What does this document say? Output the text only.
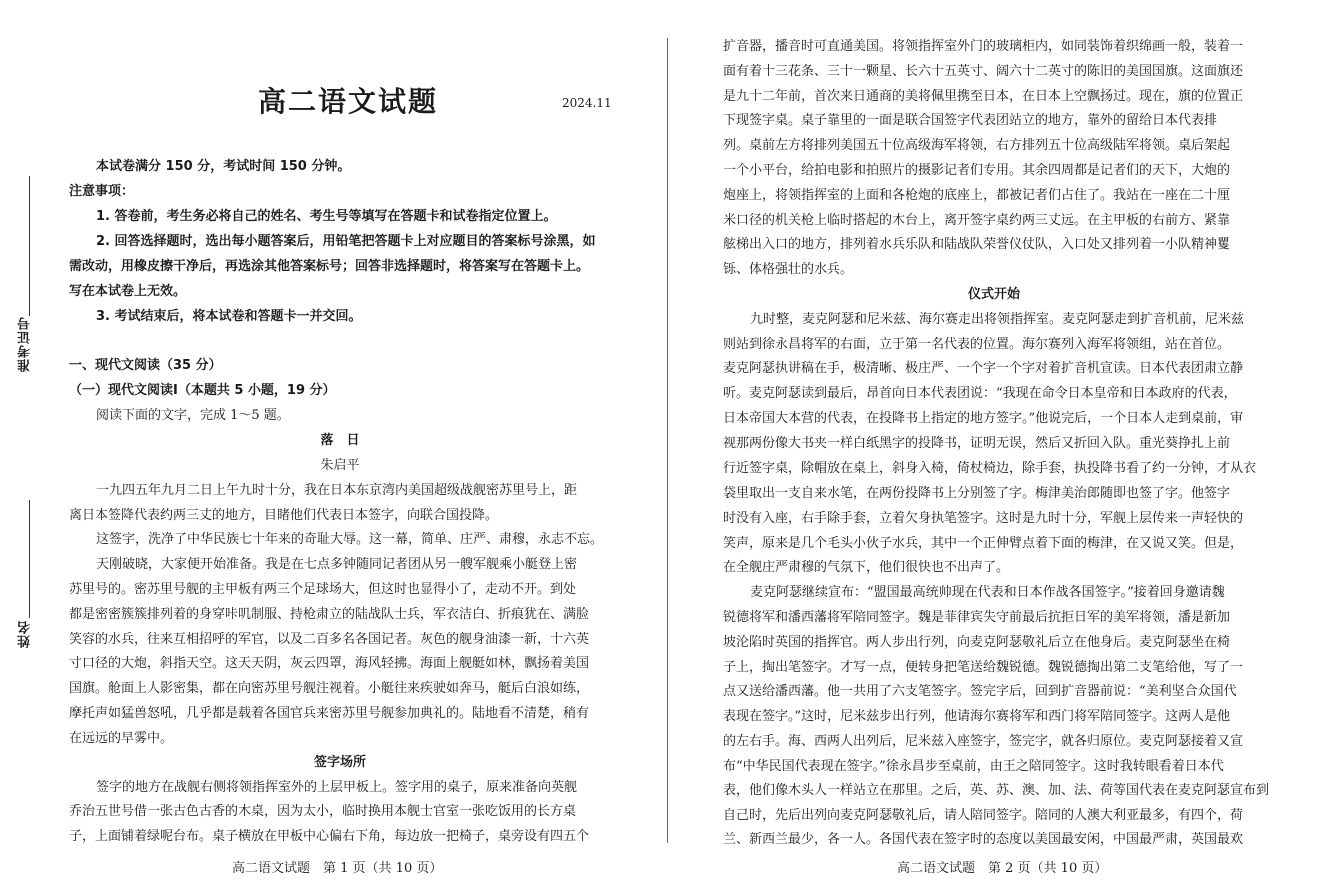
准考证号
姓名
高二语文试题	2024.11
本试卷满分 150 分，考试时间 150 分钟。
注意事项：
1. 答卷前，考生务必将自己的姓名、考生号等填写在答题卡和试卷指定位置上。
2. 回答选择题时，选出每小题答案后，用铅笔把答题卡上对应题目的答案标号涂黑，如
需改动，用橡皮擦干净后，再选涂其他答案标号；回答非选择题时，将答案写在答题卡上。
写在本试卷上无效。
3. 考试结束后，将本试卷和答题卡一并交回。
一、现代文阅读（35 分）
（一）现代文阅读Ⅰ（本题共 5 小题，19 分）
阅读下面的文字，完成 1～5 题。
落　日
朱启平
一九四五年九月二日上午九时十分，我在日本东京湾内美国超级战舰密苏里号上，距
离日本签降代表约两三丈的地方，目睹他们代表日本签字，向联合国投降。
这签字，洗净了中华民族七十年来的奇耻大辱。这一幕，简单、庄严、肃穆，永志不忘。
天刚破晓，大家便开始准备。我是在七点多钟随同记者团从另一艘军舰乘小艇登上密
苏里号的。密苏里号舰的主甲板有两三个足球场大，但这时也显得小了，走动不开。到处
都是密密簇簇排列着的身穿咔叽制服、持枪肃立的陆战队士兵，军衣洁白、折痕犹在、满脸
笑容的水兵，往来互相招呼的军官，以及二百多名各国记者。灰色的舰身油漆一新，十六英
寸口径的大炮，斜指天空。这天天阴，灰云四罩，海风轻拂。海面上舰艇如林，飘扬着美国
国旗。舱面上人影密集，都在向密苏里号舰注视着。小艇往来疾驶如奔马，艇后白浪如练，
摩托声如猛兽怒吼，几乎都是载着各国官兵来密苏里号舰参加典礼的。陆地看不清楚，稍有
在远远的早雾中。
签字场所
签字的地方在战舰右侧将领指挥室外的上层甲板上。签字用的桌子，原来准备向英舰
乔治五世号借一张古色古香的木桌，因为太小，临时换用本舰士官室一张吃饭用的长方桌
子，上面铺着绿呢台布。桌子横放在甲板中心偏右下角，每边放一把椅子，桌旁设有四五个
高二语文试题　第 1 页（共 10 页）
扩音器，播音时可直通美国。将领指挥室外门的玻璃柜内，如同装饰着织绵画一般，装着一
面有着十三花条、三十一颗星、长六十五英寸、阔六十二英寸的陈旧的美国国旗。这面旗还
是九十二年前，首次来日通商的美将佩里携至日本，在日本上空飘扬过。现在，旗的位置正
下现签字桌。桌子靠里的一面是联合国签字代表团站立的地方，靠外的留给日本代表排
列。桌前左方将排列美国五十位高级海军将领，右方排列五十位高级陆军将领。桌后架起
一个小平台，给拍电影和拍照片的摄影记者们专用。其余四周都是记者们的天下，大炮的
炮座上，将领指挥室的上面和各枪炮的底座上，都被记者们占住了。我站在一座在二十厘
米口径的机关枪上临时搭起的木台上，离开签字桌约两三丈远。在主甲板的右前方、紧靠
舷梯出入口的地方，排列着水兵乐队和陆战队荣誉仪仗队，入口处又排列着一小队精神矍
铄、体格强壮的水兵。
仪式开始
九时整，麦克阿瑟和尼米兹、海尔赛走出将领指挥室。麦克阿瑟走到扩音机前，尼米兹
则站到徐永昌将军的右面，立于第一名代表的位置。海尔赛列入海军将领组，站在首位。
麦克阿瑟执讲稿在手，极清晰、极庄严、一个字一个字对着扩音机宣读。日本代表团肃立静
听。麦克阿瑟读到最后，昂首向日本代表团说：“我现在命令日本皇帝和日本政府的代表，
日本帝国大本营的代表，在投降书上指定的地方签字。”他说完后，一个日本人走到桌前，审
视那两份像大书夹一样白纸黑字的投降书，证明无误，然后又折回入队。重光葵挣扎上前
行近签字桌，除帽放在桌上，斜身入椅，倚杖椅边，除手套，执投降书看了约一分钟，才从衣
袋里取出一支自来水笔，在两份投降书上分别签了字。梅津美治郎随即也签了字。他签字
时没有入座，右手除手套，立着欠身执笔签字。这时是九时十分，军舰上层传来一声轻快的
笑声，原来是几个毛头小伙子水兵，其中一个正伸臂点着下面的梅津，在又说又笑。但是，
在全舰庄严肃穆的气氛下，他们很快也不出声了。
麦克阿瑟继续宣布：“盟国最高统帅现在代表和日本作战各国签字。”接着回身邀请魏
锐德将军和潘西藩将军陪同签字。魏是菲律宾失守前最后抗拒日军的美军将领，潘是新加
坡沦陷时英国的指挥官。两人步出行列，向麦克阿瑟敬礼后立在他身后。麦克阿瑟坐在椅
子上，掏出笔签字。才写一点，便转身把笔送给魏锐德。魏锐德掏出第二支笔给他，写了一
点又送给潘西藩。他一共用了六支笔签字。签完字后，回到扩音器前说：“美利坚合众国代
表现在签字。”这时，尼米兹步出行列，他请海尔赛将军和西门将军陪同签字。这两人是他
的左右手。海、西两人出列后，尼米兹入座签字，签完字，就各归原位。麦克阿瑟接着又宣
布“中华民国代表现在签字。”徐永昌步至桌前，由王之陪同签字。这时我转眼看着日本代
表，他们像木头人一样站立在那里。之后，英、苏、澳、加、法、荷等国代表在麦克阿瑟宣布到
自己时，先后出列向麦克阿瑟敬礼后，请人陪同签字。陪同的人澳大利亚最多，有四个，荷
兰、新西兰最少，各一人。各国代表在签字时的态度以美国最安闲，中国最严肃，英国最欢
高二语文试题　第 2 页（共 10 页）
